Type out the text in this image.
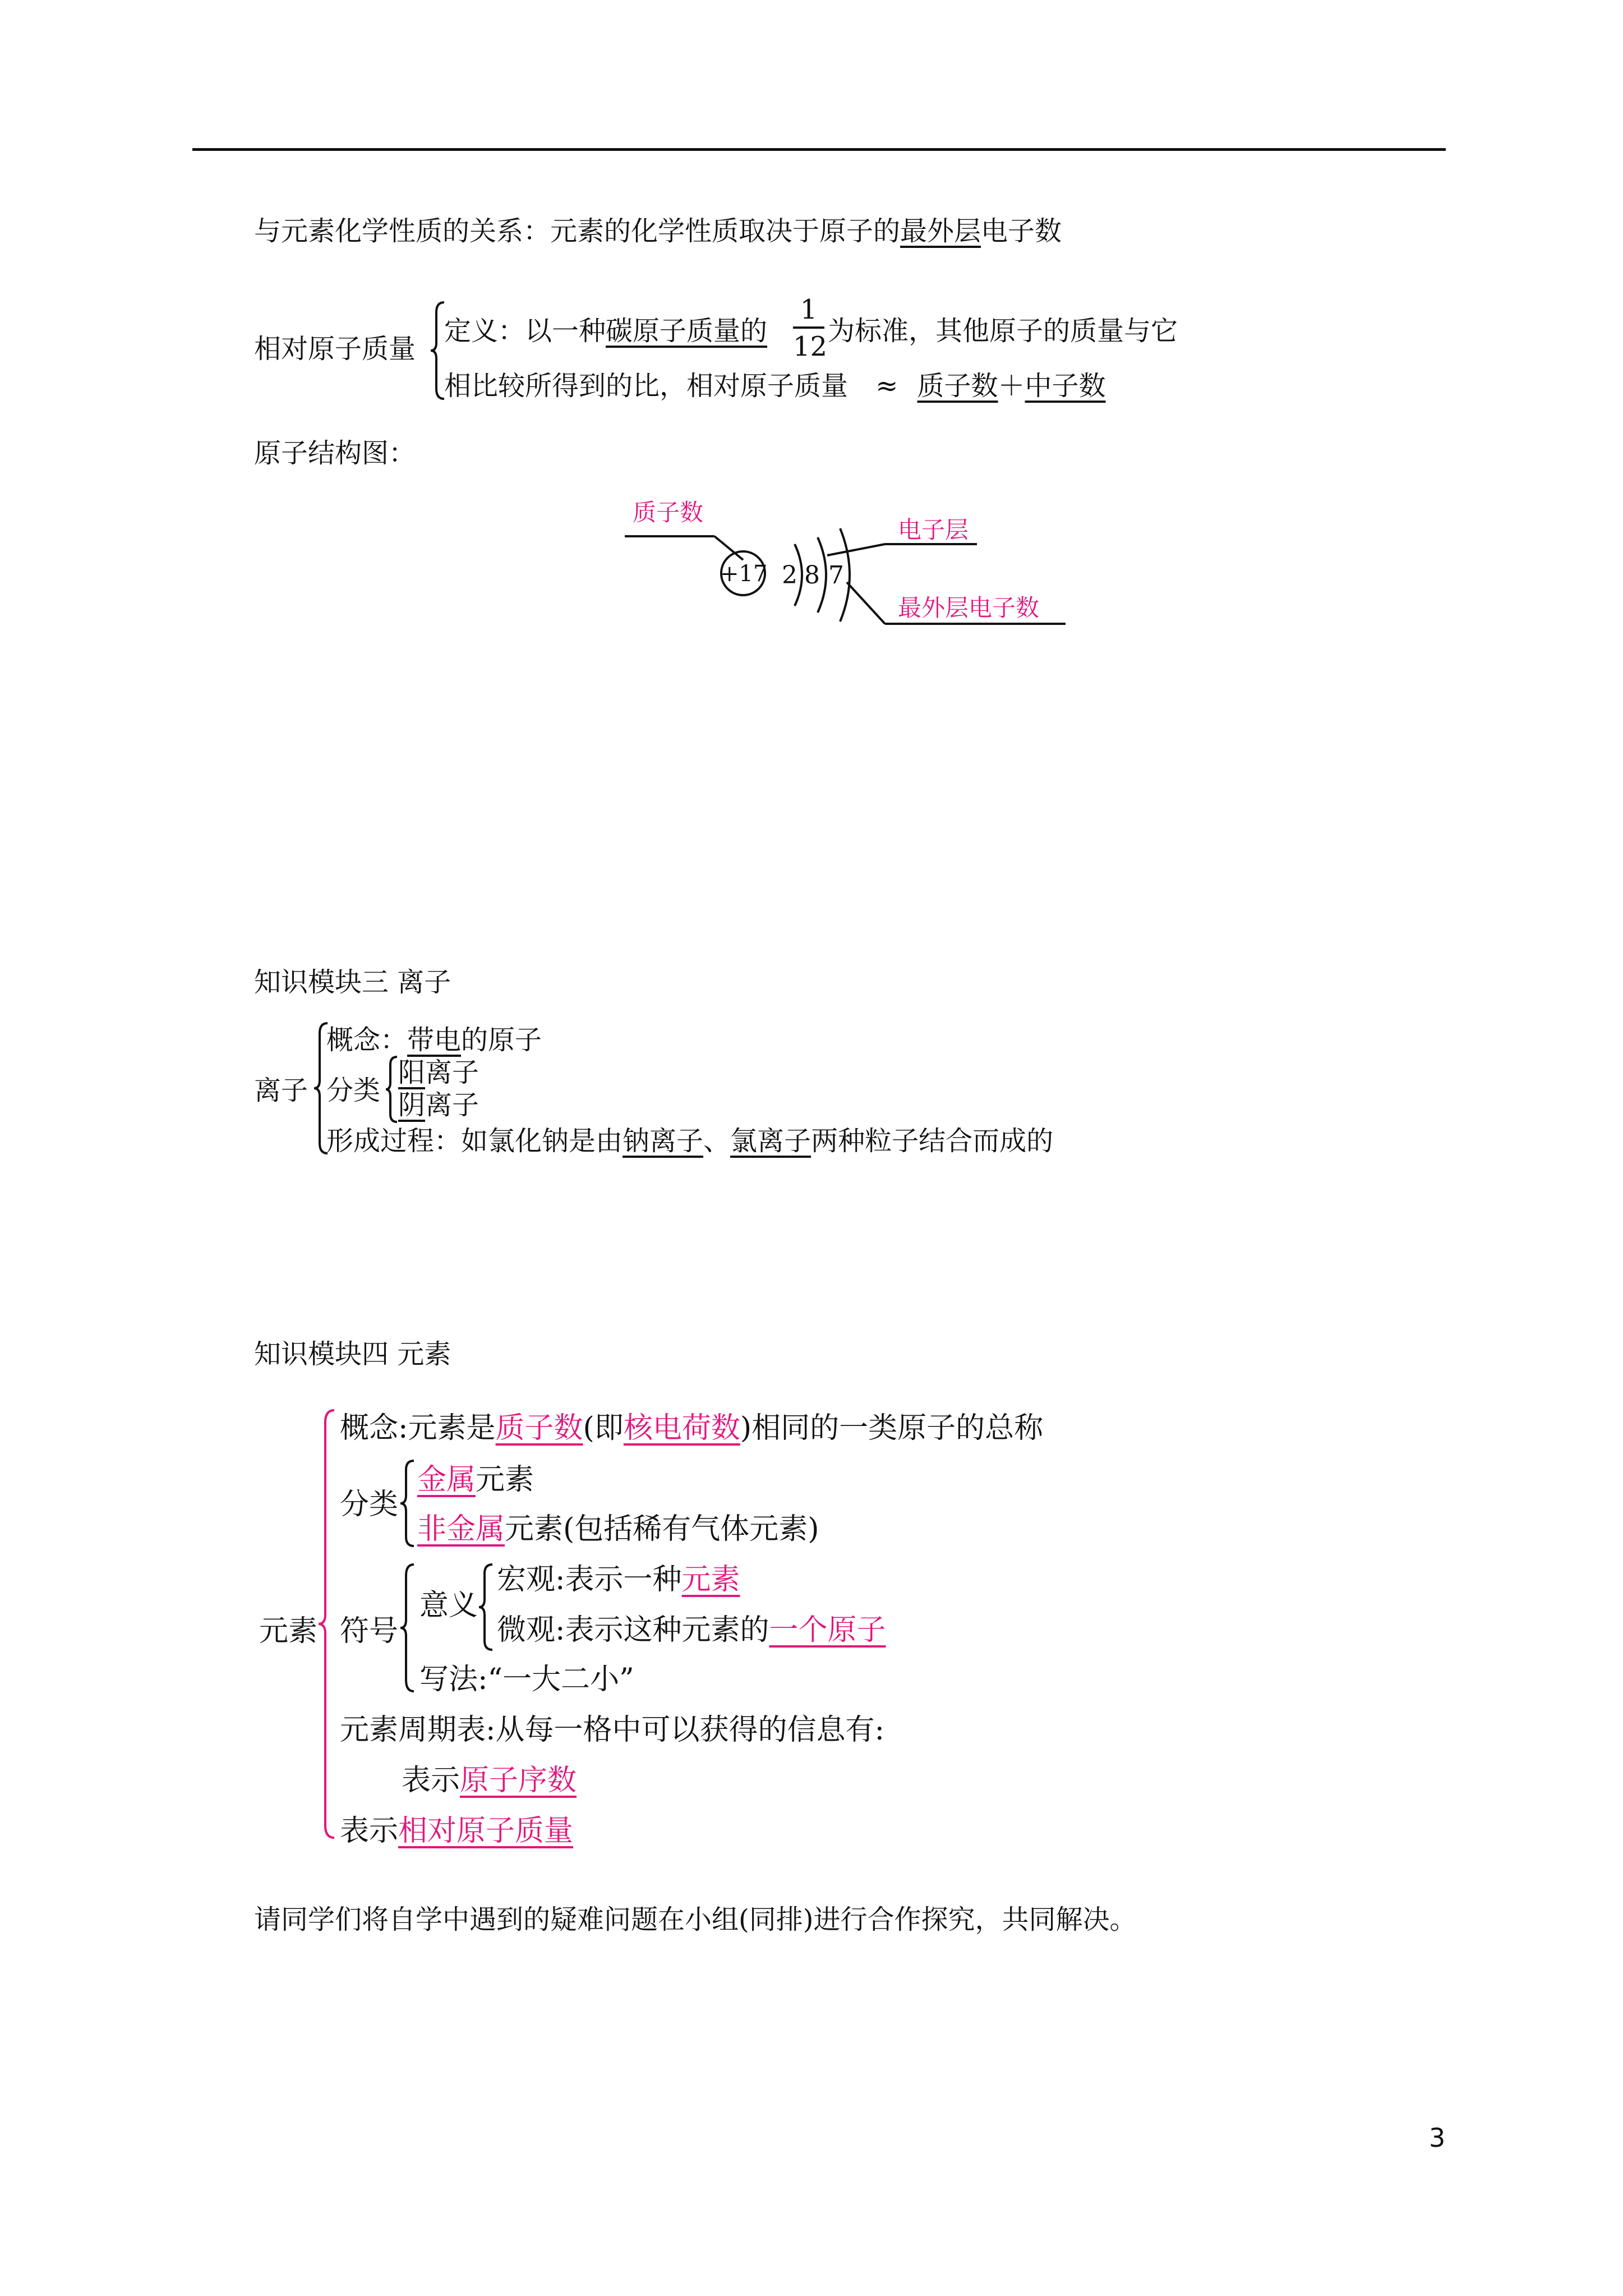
与元素化学性质的关系：元素的化学性质取决于原子的最外层电子数
相对原子质量
定义：以一种碳原子质量的
1
12 为标准，其他原子的质量与它
相比较所得到的比，相对原子质量 ≈ 质子数＋中子数
原子结构图：
质子数
+17 2 8 7
电子层
最外层电子数
知识模块三 离子
离子
概念：带电的原子
分类
阳离子
阴离子
形成过程：如氯化钠是由钠离子、氯离子两种粒子结合而成的
知识模块四 元素
元素
概念:元素是质子数(即核电荷数)相同的一类原子的总称
分类
金属元素
非金属元素(包括稀有气体元素)
符号
意义
宏观:表示一种元素
微观:表示这种元素的一个原子
写法:“一大二小”
元素周期表:从每一格中可以获得的信息有:
表示原子序数
表示相对原子质量
请同学们将自学中遇到的疑难问题在小组(同排)进行合作探究，共同解决。
3
